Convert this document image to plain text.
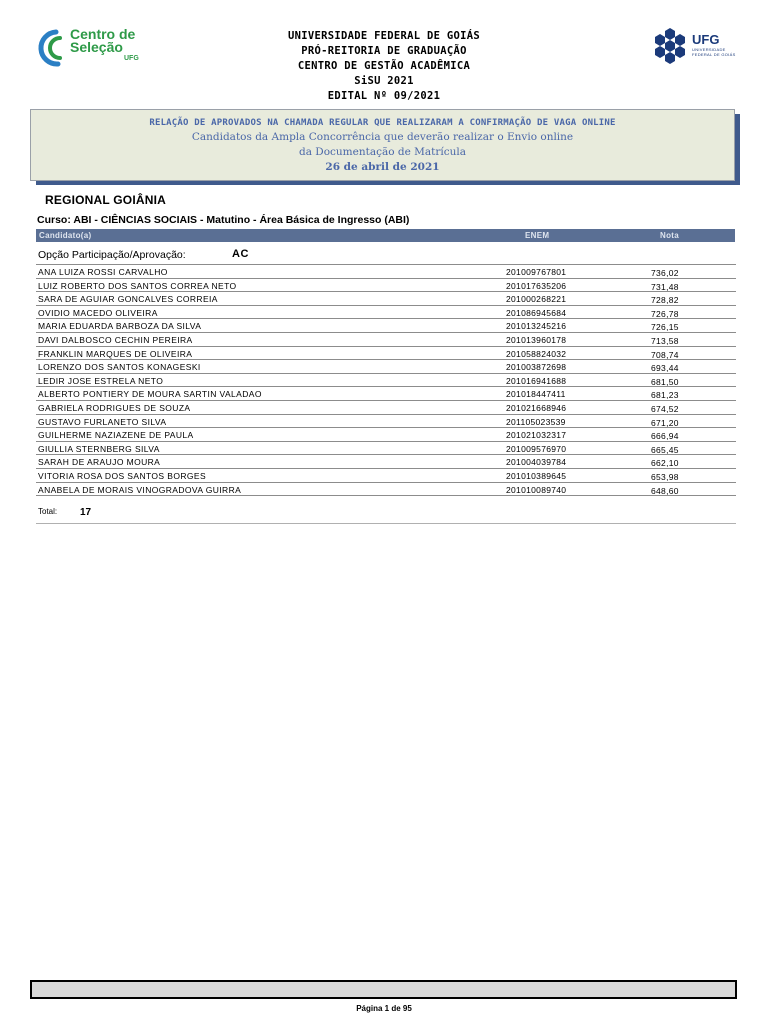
Centro de
Seleção
UFG
UFG
UNIVERSIDADE
FEDERAL DE GOIÁS
UNIVERSIDADE FEDERAL DE GOIÁS
PRÓ-REITORIA DE GRADUAÇÃO
CENTRO DE GESTÃO ACADÊMICA
SiSU 2021
EDITAL Nº 09/2021
RELAÇÃO DE APROVADOS NA CHAMADA REGULAR QUE REALIZARAM A CONFIRMAÇÃO DE VAGA ONLINE
Candidatos da Ampla Concorrência que deverão realizar o Envio online
da Documentação de Matrícula
26 de abril de 2021
REGIONAL GOIÂNIA
Curso: ABI - CIÊNCIAS SOCIAIS - Matutino - Área Básica de Ingresso (ABI)
Candidato(a)	ENEM	Nota
Opção Participação/Aprovação:	AC
ANA LUIZA ROSSI CARVALHO	201009767801	736,02
LUIZ ROBERTO DOS SANTOS CORREA NETO	201017635206	731,48
SARA DE AGUIAR GONCALVES CORREIA	201000268221	728,82
OVIDIO MACEDO OLIVEIRA	201086945684	726,78
MARIA EDUARDA BARBOZA DA SILVA	201013245216	726,15
DAVI DALBOSCO CECHIN PEREIRA	201013960178	713,58
FRANKLIN MARQUES DE OLIVEIRA	201058824032	708,74
LORENZO DOS SANTOS KONAGESKI	201003872698	693,44
LEDIR JOSE ESTRELA NETO	201016941688	681,50
ALBERTO PONTIERY DE MOURA SARTIN VALADAO	201018447411	681,23
GABRIELA RODRIGUES DE SOUZA	201021668946	674,52
GUSTAVO FURLANETO SILVA	201105023539	671,20
GUILHERME NAZIAZENE DE PAULA	201021032317	666,94
GIULLIA STERNBERG SILVA	201009576970	665,45
SARAH DE ARAUJO MOURA	201004039784	662,10
VITORIA ROSA DOS SANTOS BORGES	201010389645	653,98
ANABELA DE MORAIS VINOGRADOVA GUIRRA	201010089740	648,60
Total: 17
Página 1 de 95
